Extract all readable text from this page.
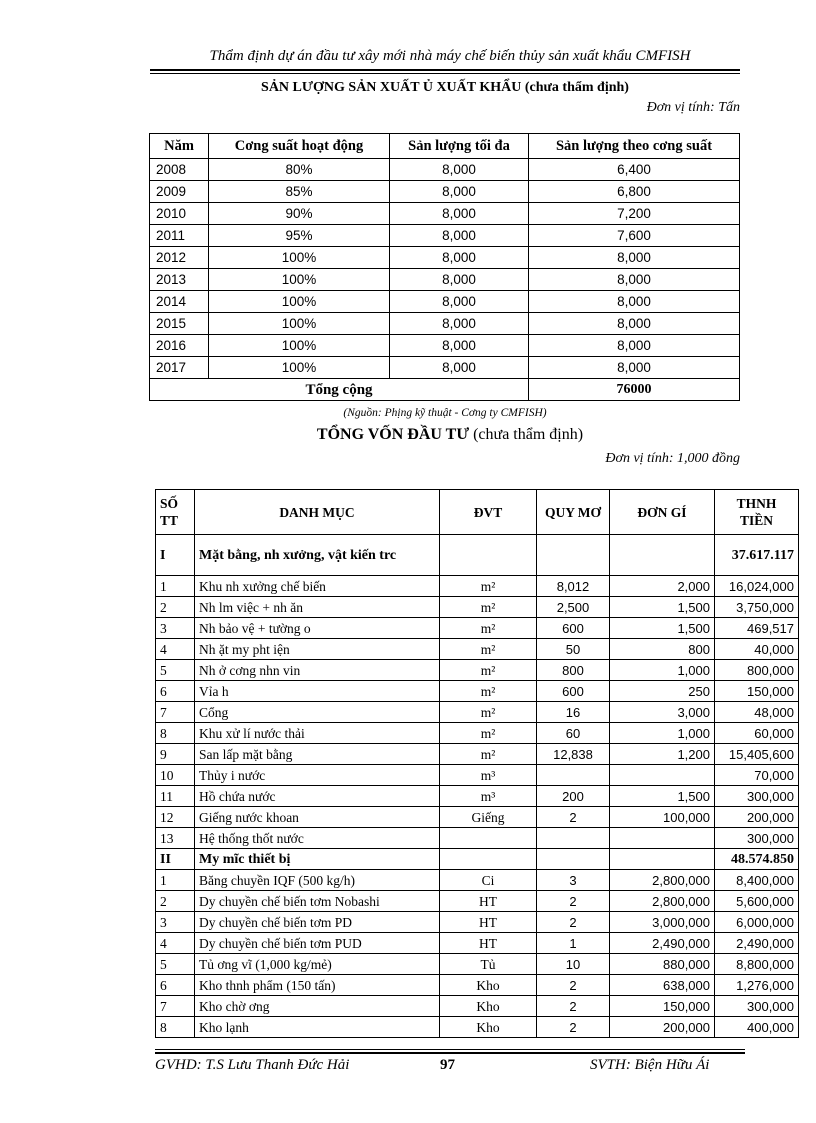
Thẩm định dự án đầu tư xây mới nhà máy chế biến thủy sản xuất khẩu CMFISH
SẢN LƯỢNG SẢN XUẤT Ủ XUẤT KHẨU (chưa thẩm định)
Đơn vị tính: Tấn
Năm	Cơng suất hoạt động	Sản lượng tối đa	Sản lượng theo cơng suất
2008	80%	8,000	6,400
2009	85%	8,000	6,800
2010	90%	8,000	7,200
2011	95%	8,000	7,600
2012	100%	8,000	8,000
2013	100%	8,000	8,000
2014	100%	8,000	8,000
2015	100%	8,000	8,000
2016	100%	8,000	8,000
2017	100%	8,000	8,000
Tổng cộng			76000
(Nguồn: Phịng kỹ thuật - Cơng ty CMFISH)
TỔNG VỐN ĐẦU TƯ (chưa thẩm định)
Đơn vị tính: 1,000 đồng
SỐ TT	DANH MỤC	ĐVT	QUY MƠ	ĐƠN GÍ	THNH TIỀN
I	Mặt bằng, nh xưởng, vật kiến trc				37.617.117
1	Khu nh xưởng chế biến	m²	8,012	2,000	16,024,000
2	Nh lm việc + nh ăn	m²	2,500	1,500	3,750,000
3	Nh bảo vệ + tường o	m²	600	1,500	469,517
4	Nh ặt my pht iện	m²	50	800	40,000
5	Nh ở cơng nhn vin	m²	800	1,000	800,000
6	Vỉa h	m²	600	250	150,000
7	Cổng	m²	16	3,000	48,000
8	Khu xử lí nước thải	m²	60	1,000	60,000
9	San lấp mặt bằng	m²	12,838	1,200	15,405,600
10	Thủy i nước	m³			70,000
11	Hồ chứa nước	m³	200	1,500	300,000
12	Giếng nước khoan	Giếng	2	100,000	200,000
13	Hệ thống thốt nước				300,000
II	My mĩc thiết bị				48.574.850
1	Băng chuyền IQF (500 kg/h)	Ci	3	2,800,000	8,400,000
2	Dy chuyền chế biến tơm Nobashi	HT	2	2,800,000	5,600,000
3	Dy chuyền chế biến tơm PD	HT	2	3,000,000	6,000,000
4	Dy chuyền chế biến tơm PUD	HT	1	2,490,000	2,490,000
5	Tủ ơng vĩ (1,000 kg/mẻ)	Tủ	10	880,000	8,800,000
6	Kho thnh phẩm (150 tấn)	Kho	2	638,000	1,276,000
7	Kho chờ ơng	Kho	2	150,000	300,000
8	Kho lạnh	Kho	2	200,000	400,000
GVHD: T.S Lưu Thanh Đức Hải	97	SVTH: Biện Hữu Ái
